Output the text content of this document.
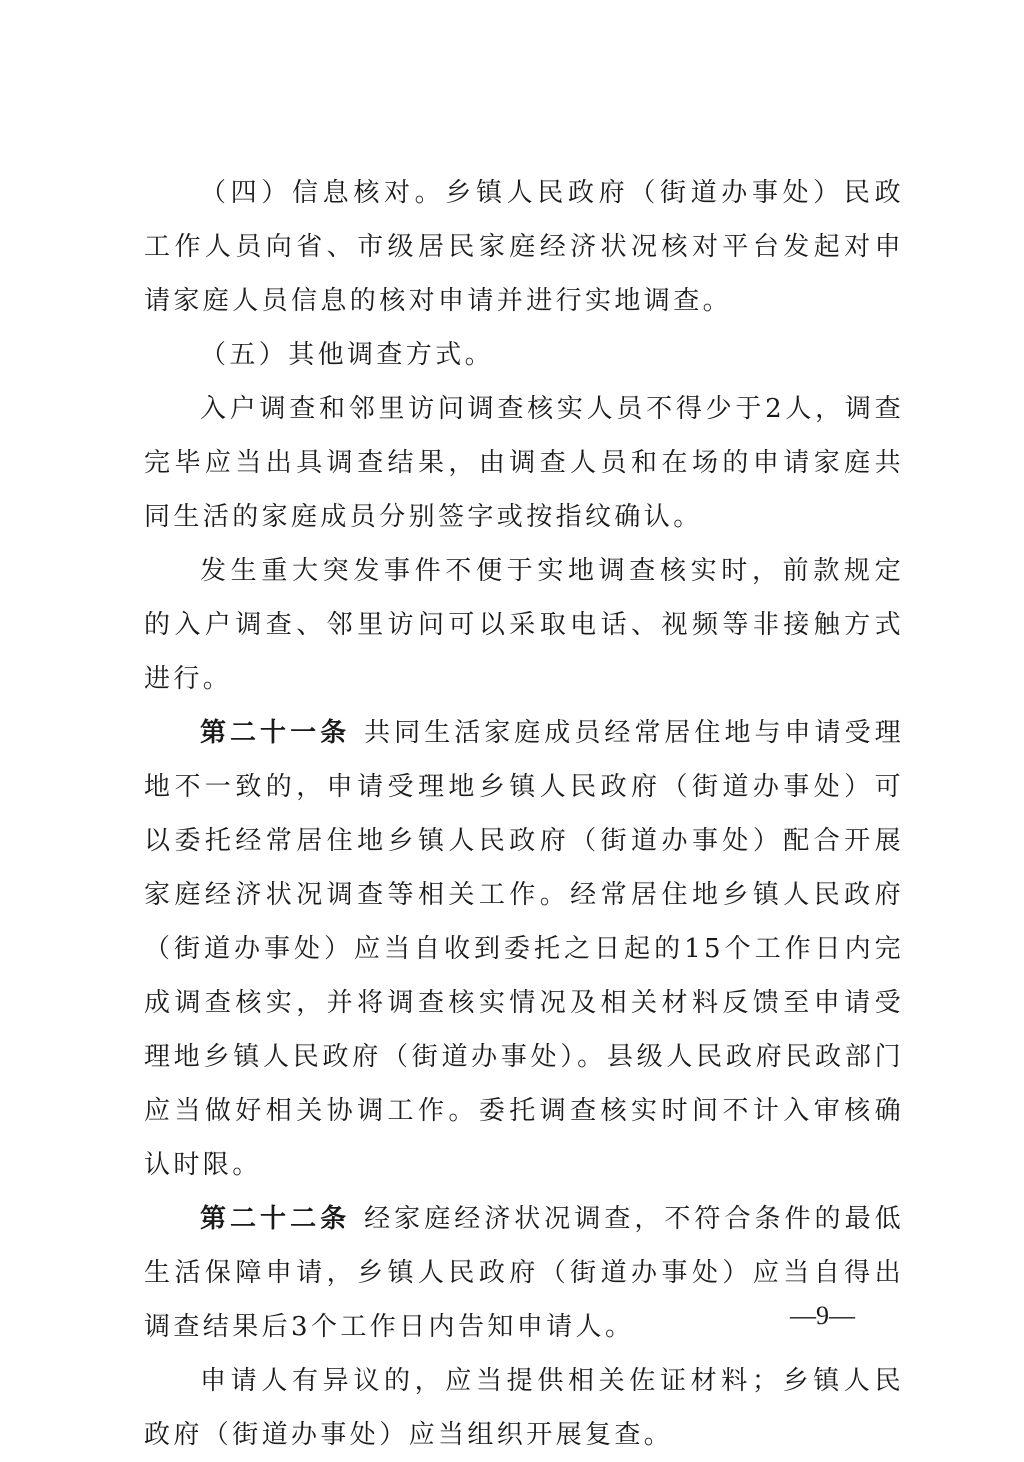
（四）信息核对。乡镇人民政府（街道办事处）民政工作人员向省、市级居民家庭经济状况核对平台发起对申请家庭人员信息的核对申请并进行实地调查。

（五）其他调查方式。

入户调查和邻里访问调查核实人员不得少于2人，调查完毕应当出具调查结果，由调查人员和在场的申请家庭共同生活的家庭成员分别签字或按指纹确认。

发生重大突发事件不便于实地调查核实时，前款规定的入户调查、邻里访问可以采取电话、视频等非接触方式进行。

第二十一条 共同生活家庭成员经常居住地与申请受理地不一致的，申请受理地乡镇人民政府（街道办事处）可以委托经常居住地乡镇人民政府（街道办事处）配合开展家庭经济状况调查等相关工作。经常居住地乡镇人民政府（街道办事处）应当自收到委托之日起的15个工作日内完成调查核实，并将调查核实情况及相关材料反馈至申请受理地乡镇人民政府（街道办事处）。县级人民政府民政部门应当做好相关协调工作。委托调查核实时间不计入审核确认时限。

第二十二条 经家庭经济状况调查，不符合条件的最低生活保障申请，乡镇人民政府（街道办事处）应当自得出调查结果后3个工作日内告知申请人。

申请人有异议的，应当提供相关佐证材料；乡镇人民政府（街道办事处）应当组织开展复查。

—9—
